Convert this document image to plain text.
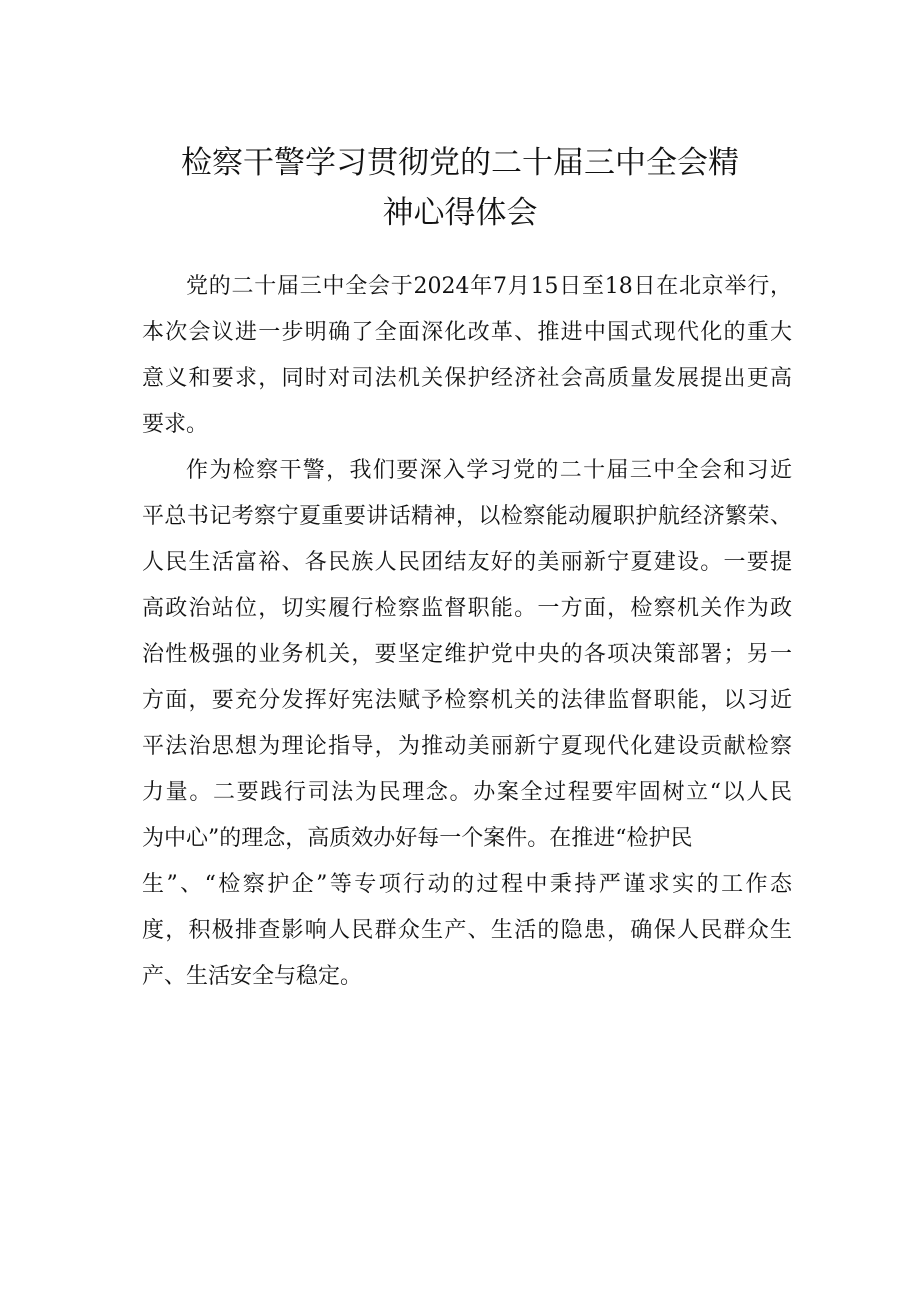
检察干警学习贯彻党的二十届三中全会精
神心得体会
党的二十届三中全会于2024年7月15日至18日在北京举行，
本次会议进一步明确了全面深化改革、推进中国式现代化的重大
意义和要求，同时对司法机关保护经济社会高质量发展提出更高
要求。
作为检察干警，我们要深入学习党的二十届三中全会和习近
平总书记考察宁夏重要讲话精神，以检察能动履职护航经济繁荣、
人民生活富裕、各民族人民团结友好的美丽新宁夏建设。一要提
高政治站位，切实履行检察监督职能。一方面，检察机关作为政
治性极强的业务机关，要坚定维护党中央的各项决策部署；另一
方面，要充分发挥好宪法赋予检察机关的法律监督职能，以习近
平法治思想为理论指导，为推动美丽新宁夏现代化建设贡献检察
力量。二要践行司法为民理念。办案全过程要牢固树立“以人民
为中心”的理念，高质效办好每一个案件。在推进“检护民
生”、“检察护企”等专项行动的过程中秉持严谨求实的工作态
度，积极排查影响人民群众生产、生活的隐患，确保人民群众生
产、生活安全与稳定。
